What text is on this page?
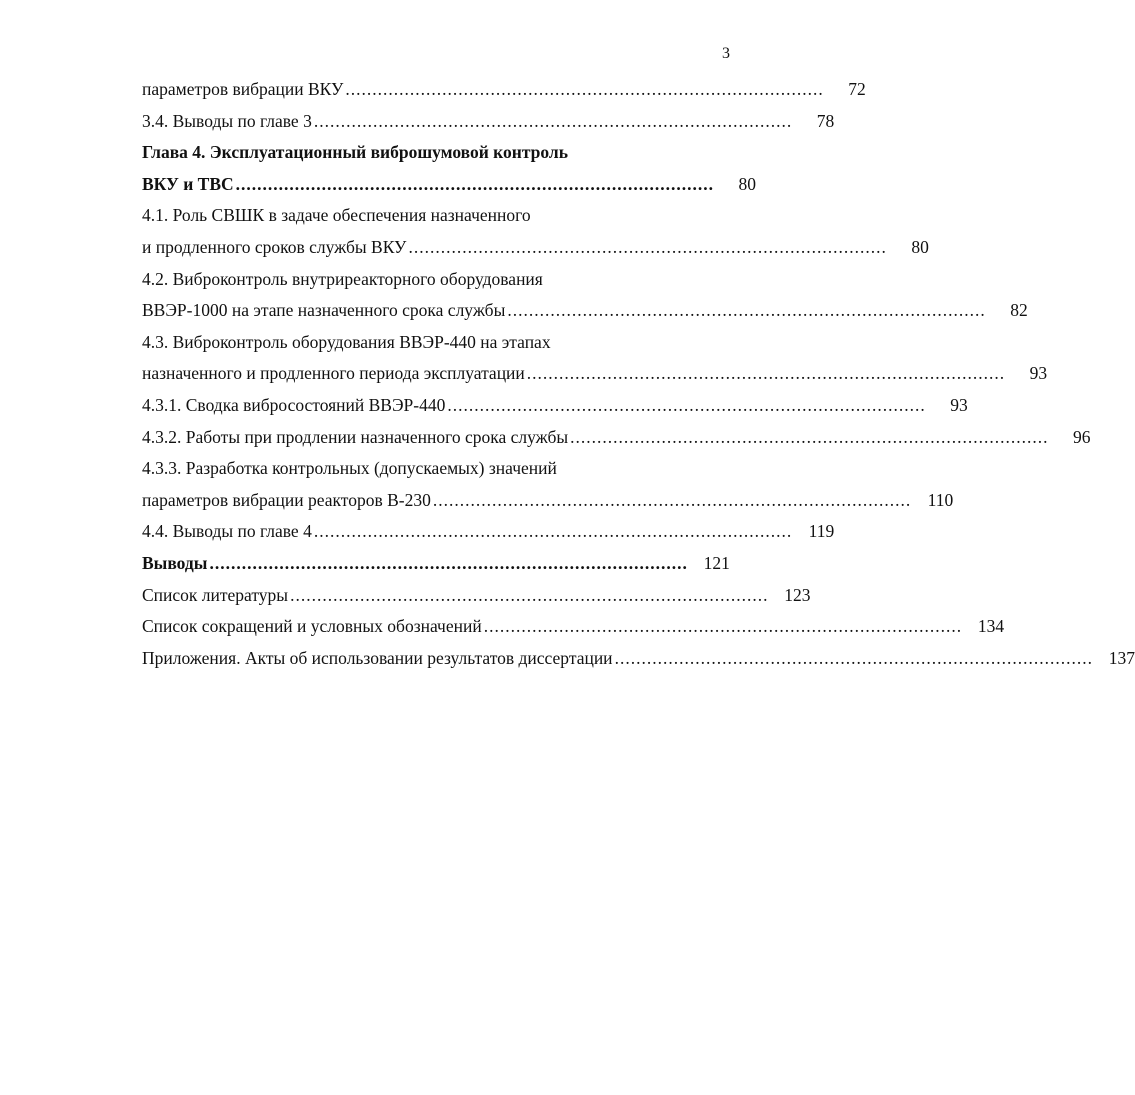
3
параметров вибрации ВКУ .........................................................................................	72
3.4. Выводы по главе 3 .........................................................................................	78
Глава 4. Эксплуатационный виброшумовой контроль
ВКУ и ТВС .........................................................................................	80
4.1. Роль СВШК в задаче обеспечения назначенного
и продленного сроков службы ВКУ .........................................................................................	80
4.2. Виброконтроль внутриреакторного оборудования
ВВЭР-1000 на этапе назначенного срока службы .........................................................................................	82
4.3. Виброконтроль оборудования ВВЭР-440 на этапах
назначенного и продленного периода эксплуатации .........................................................................................	93
4.3.1. Сводка вибросостояний ВВЭР-440 .........................................................................................	93
4.3.2. Работы при продлении назначенного срока службы .........................................................................................	96
4.3.3. Разработка контрольных (допускаемых) значений
параметров вибрации реакторов В-230 ......................................................................................... 110
4.4. Выводы по главе 4 ......................................................................................... 119
Выводы ......................................................................................... 121
Список литературы ......................................................................................... 123
Список сокращений и условных обозначений ......................................................................................... 134
Приложения. Акты об использовании результатов диссертации ......................................................................................... 137
